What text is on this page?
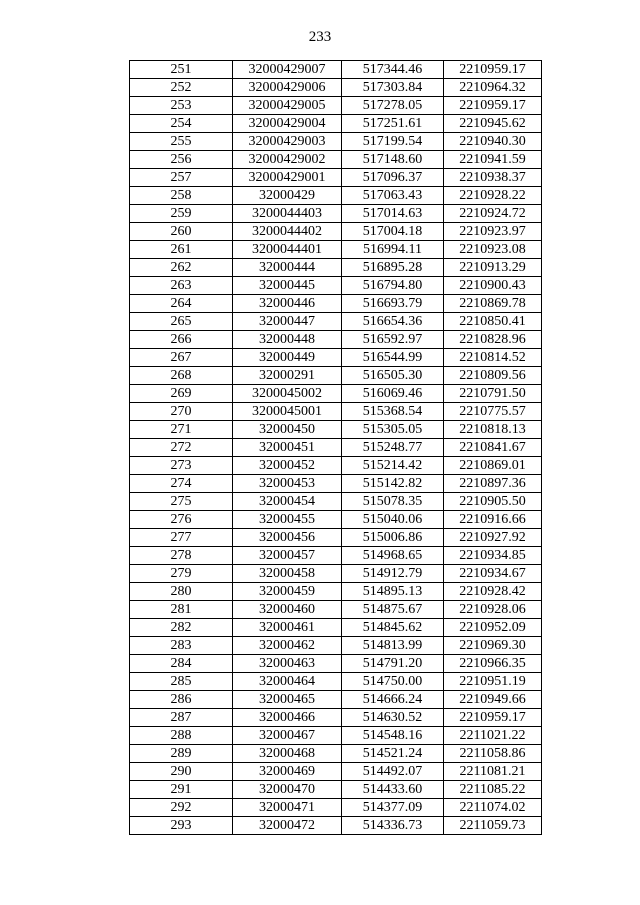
233
251	32000429007	517344.46	2210959.17
252	32000429006	517303.84	2210964.32
253	32000429005	517278.05	2210959.17
254	32000429004	517251.61	2210945.62
255	32000429003	517199.54	2210940.30
256	32000429002	517148.60	2210941.59
257	32000429001	517096.37	2210938.37
258	32000429	517063.43	2210928.22
259	3200044403	517014.63	2210924.72
260	3200044402	517004.18	2210923.97
261	3200044401	516994.11	2210923.08
262	32000444	516895.28	2210913.29
263	32000445	516794.80	2210900.43
264	32000446	516693.79	2210869.78
265	32000447	516654.36	2210850.41
266	32000448	516592.97	2210828.96
267	32000449	516544.99	2210814.52
268	32000291	516505.30	2210809.56
269	3200045002	516069.46	2210791.50
270	3200045001	515368.54	2210775.57
271	32000450	515305.05	2210818.13
272	32000451	515248.77	2210841.67
273	32000452	515214.42	2210869.01
274	32000453	515142.82	2210897.36
275	32000454	515078.35	2210905.50
276	32000455	515040.06	2210916.66
277	32000456	515006.86	2210927.92
278	32000457	514968.65	2210934.85
279	32000458	514912.79	2210934.67
280	32000459	514895.13	2210928.42
281	32000460	514875.67	2210928.06
282	32000461	514845.62	2210952.09
283	32000462	514813.99	2210969.30
284	32000463	514791.20	2210966.35
285	32000464	514750.00	2210951.19
286	32000465	514666.24	2210949.66
287	32000466	514630.52	2210959.17
288	32000467	514548.16	2211021.22
289	32000468	514521.24	2211058.86
290	32000469	514492.07	2211081.21
291	32000470	514433.60	2211085.22
292	32000471	514377.09	2211074.02
293	32000472	514336.73	2211059.73
